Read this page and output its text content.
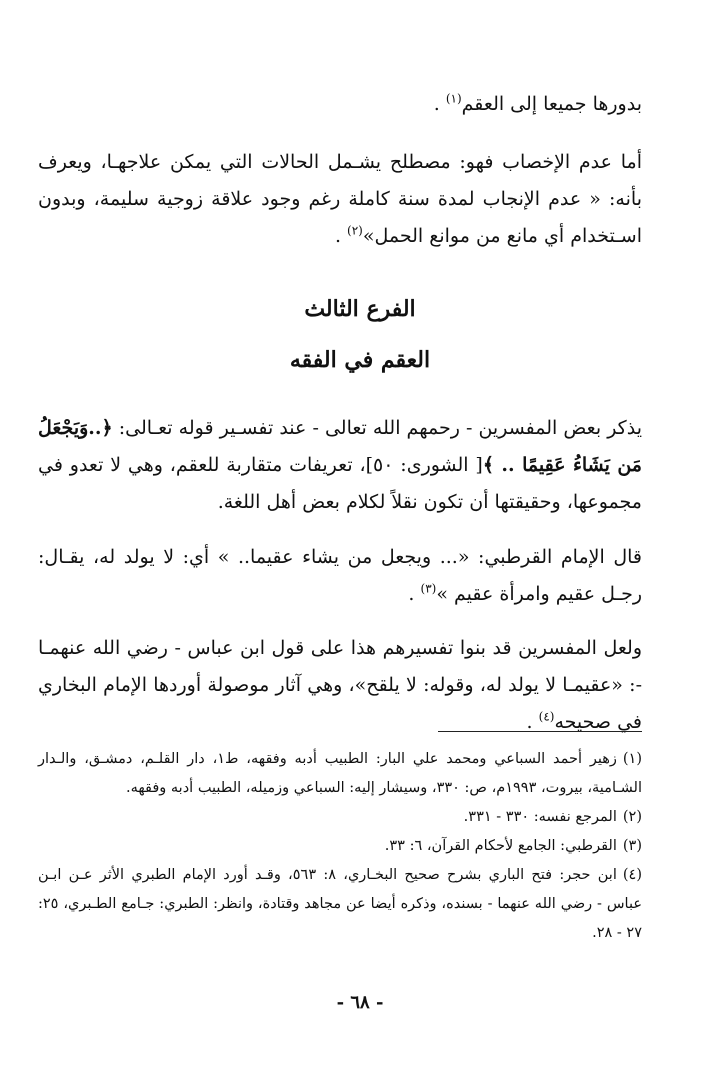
بدورها جميعا إلى العقم$^{(١)}$ .

أما عدم الإخصاب فهو: مصطلح يشـمل الحالات التي يمكن علاجهـا، ويعرف بأنه: « عدم الإنجاب لمدة سنة كاملة رغم وجود علاقة زوجية سليمة، وبدون اسـتخدام أي مانع من موانع الحمل»$^{(٢)}$ .

الفرع الثالث
العقم في الفقه

يذكر بعض المفسرين - رحمهم الله تعالى - عند تفسـير قوله تعـالى: ﴿..وَيَجْعَلُ مَن يَشَاءُ عَقِيمًا .. ﴾[ الشورى: ٥٠]، تعريفات متقاربة للعقم، وهي لا تعدو في مجموعها، وحقيقتها أن تكون نقلاً لكلام بعض أهل اللغة.

قال الإمام القرطبي: «... ويجعل من يشاء عقيما.. » أي: لا يولد له، يقـال: رجـل عقيم وامرأة عقيم »$^{(٣)}$ .

ولعل المفسرين قد بنوا تفسيرهم هذا على قول ابن عباس - رضي الله عنهمـا -: «عقيمـا لا يولد له، وقوله: لا يلقح»، وهي آثار موصولة أوردها الإمام البخاري في صحيحه$^{(٤)}$ .

(١)زهير أحمد السباعي ومحمد علي البار: الطبيب أدبه وفقهه، ط١، دار القلـم، دمشـق، والـدار الشـامية، بيروت، ١٩٩٣م، ص: ٣٣٠، وسيشار إليه: السباعي وزميله، الطبيب أدبه وفقهه.
(٢)المرجع نفسه: ٣٣٠ - ٣٣١.
(٣)القرطبي: الجامع لأحكام القرآن، ٦: ٣٣.
(٤)ابن حجر: فتح الباري بشرح صحيح البخـاري، ٨: ٥٦٣، وقـد أورد الإمام الطبري الأثر عـن ابـن عباس - رضي الله عنهما - بسنده، وذكره أيضا عن مجاهد وقتادة، وانظر: الطبري: جـامع الطـبري، ٢٥: ٢٧ - ٢٨.
- ٦٨ -
